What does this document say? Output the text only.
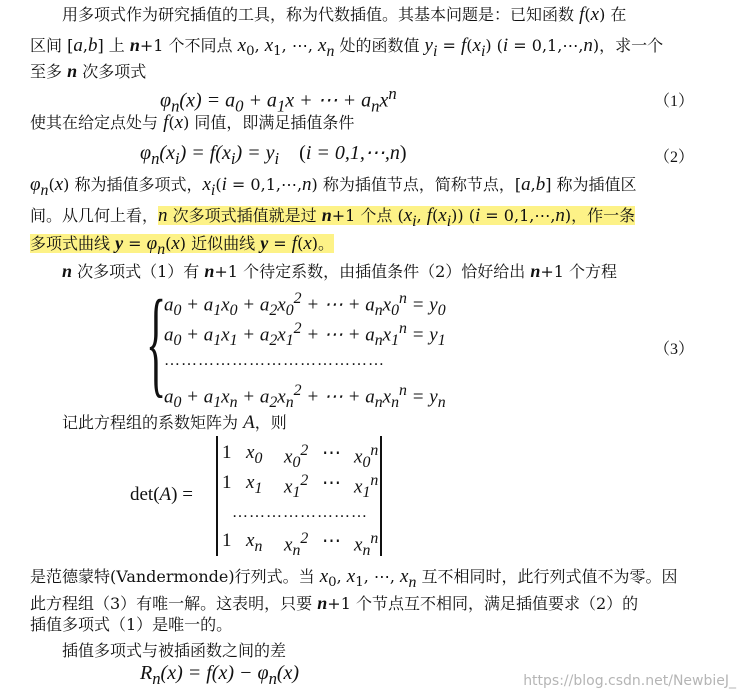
用多项式作为研究插值的工具，称为代数插值。其基本问题是：已知函数 f(x) 在
区间 [a,b] 上 n+1 个不同点 $x_0$, $x_1$, ⋯, $x_n$ 处的函数值 $y_i = f(x_i) (i$ = 0,1,⋯,n)，求一个
至多 n 次多项式
$\varphi_n(x) = a_0 + a_1x$ + ⋯ + $a_nx^n$	（1）
使其在给定点处与 f(x) 同值，即满足插值条件
$\varphi_n(x_i) = f(x_i) = y_i$ (i = 0,1,⋯,n)	（2）
$\varphi_n(x)$ 称为插值多项式，$x_i(i$ = 0,1,⋯,n) 称为插值节点，简称节点，[a,b] 称为插值区
间。从几何上看，n 次多项式插值就是过 n+1 个点 ($x_i$, $f(x_i)$) (i = 0,1,⋯,n)，作一条
多项式曲线 $y = \varphi_n(x)$ 近似曲线 y = f(x)。
n 次多项式（1）有 n+1 个待定系数，由插值条件（2）恰好给出 n+1 个方程
{
$a_0 + a_1x_0 + a_2x_0^2$ + ⋯ + $a_nx_0^n = y_0$
$a_0 + a_1x_1 + a_2x_1^2$ + ⋯ + $a_nx_1^n = y_1$
…………………………………
$a_0 + a_1x_n + a_2x_n^2$ + ⋯ + $a_nx_n^n = y_n$
（3）
记此方程组的系数矩阵为 A，则
det(A) =
1 $x_0$ $x_0^2$ ⋯ $x_0^n$
1 $x_1$ $x_1^2$ ⋯ $x_1^n$
……………………
1 $x_n$ $x_n^2$ ⋯ $x_n^n$
是范德蒙特(Vandermonde)行列式。当 $x_0$, $x_1$, ⋯, $x_n$ 互不相同时，此行列式值不为零。因
此方程组（3）有唯一解。这表明，只要 n+1 个节点互不相同，满足插值要求（2）的
插值多项式（1）是唯一的。
插值多项式与被插函数之间的差
$R_n(x) = f(x) - \varphi_n(x)$	https://blog.csdn.net/NewbieJ_
